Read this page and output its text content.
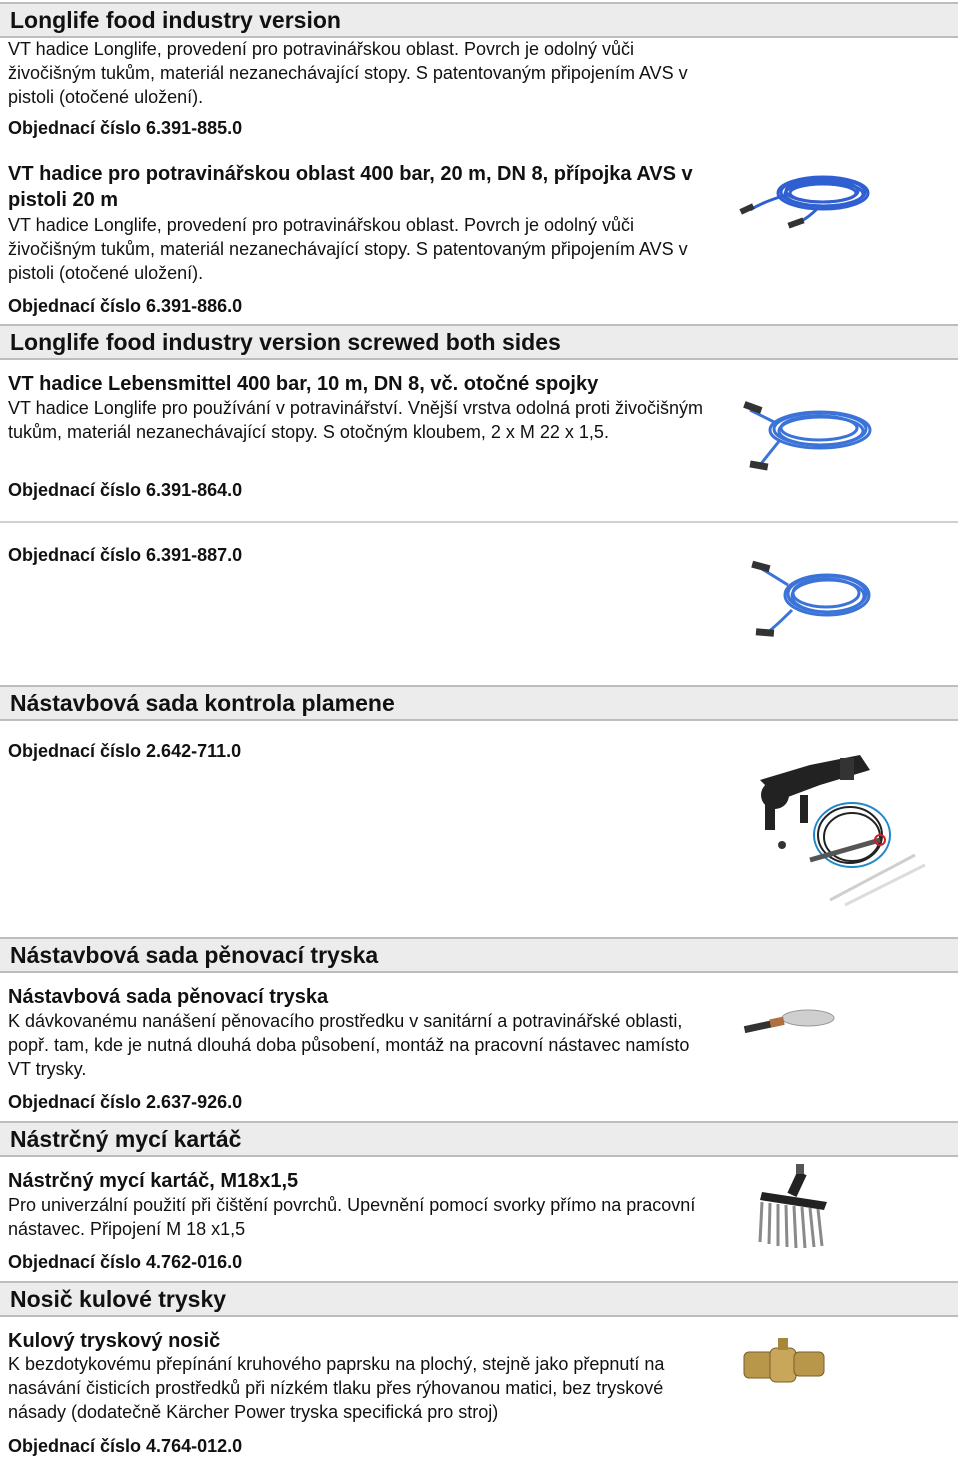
Longlife food industry version
VT hadice Longlife, provedení pro potravinářskou oblast. Povrch je odolný vůči živočišným tukům, materiál nezanechávající stopy. S patentovaným připojením AVS v pistoli (otočené uložení).
Objednací číslo 6.391-885.0
VT hadice pro potravinářskou oblast 400 bar, 20 m, DN 8, přípojka AVS v pistoli 20 m
VT hadice Longlife, provedení pro potravinářskou oblast. Povrch je odolný vůči živočišným tukům, materiál nezanechávající stopy. S patentovaným připojením AVS v pistoli (otočené uložení).
Objednací číslo 6.391-886.0
Longlife food industry version screwed both sides
VT hadice Lebensmittel 400 bar, 10 m, DN 8, vč. otočné spojky
VT hadice Longlife pro používání v potravinářství. Vnější vrstva odolná proti živočišným tukům, materiál nezanechávající stopy. S otočným kloubem, 2 x M 22 x 1,5.
Objednací číslo 6.391-864.0
Objednací číslo 6.391-887.0
Nástavbová sada kontrola plamene
Objednací číslo 2.642-711.0
Nástavbová sada pěnovací tryska
Nástavbová sada pěnovací tryska
K dávkovanému nanášení pěnovacího prostředku v sanitární a potravinářské oblasti, popř. tam, kde je nutná dlouhá doba působení, montáž na pracovní nástavec namísto VT trysky.
Objednací číslo 2.637-926.0
Nástrčný mycí kartáč
Nástrčný mycí kartáč, M18x1,5
Pro univerzální použití při čištění povrchů. Upevnění pomocí svorky přímo na pracovní nástavec. Připojení M 18 x1,5
Objednací číslo 4.762-016.0
Nosič kulové trysky
Kulový tryskový nosič
K bezdotykovému přepínání kruhového paprsku na plochý, stejně jako přepnutí na nasávání čisticích prostředků při nízkém tlaku přes rýhovanou matici, bez tryskové násady (dodatečně Kärcher Power tryska specifická pro stroj)
Objednací číslo 4.764-012.0
